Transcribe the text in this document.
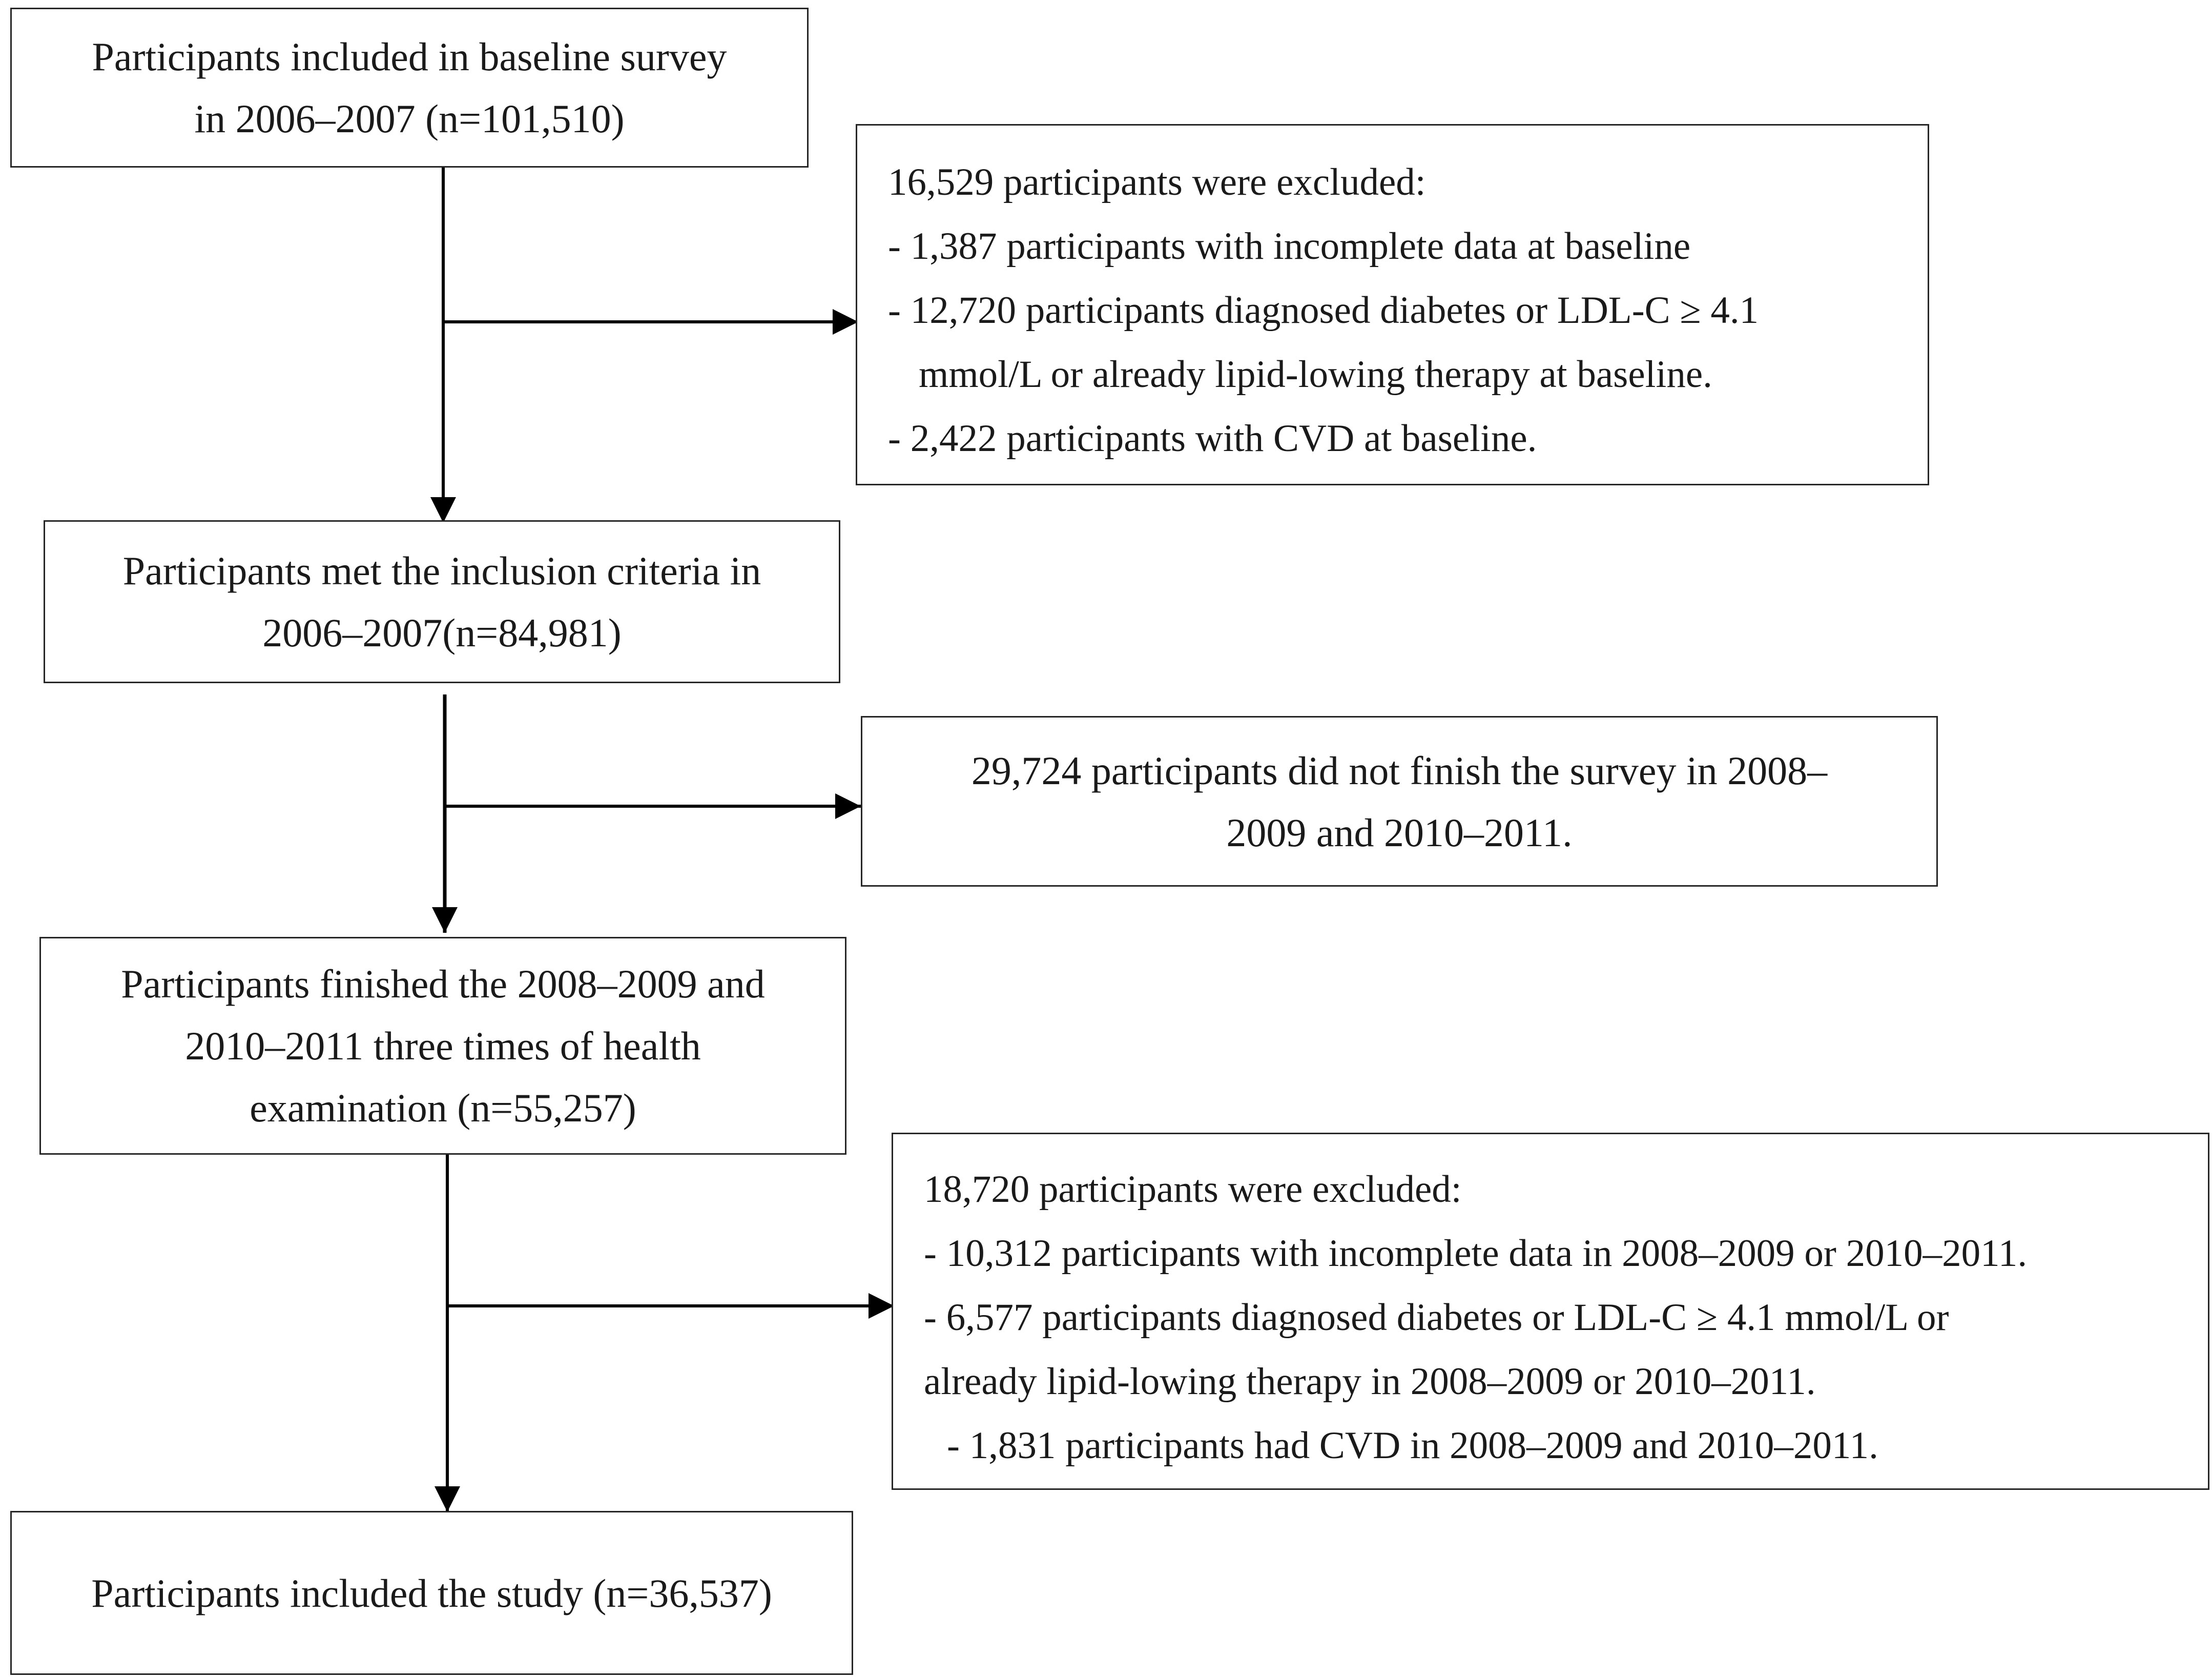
Participants included in baseline survey
in 2006–2007 (n=101,510)
16,529 participants were excluded:
- 1,387 participants with incomplete data at baseline
- 12,720 participants diagnosed diabetes or LDL-C ≥ 4.1
mmol/L or already lipid-lowing therapy at baseline.
- 2,422 participants with CVD at baseline.
Participants met the inclusion criteria in
2006–2007(n=84,981)
29,724 participants did not finish the survey in 2008–
2009 and 2010–2011.
Participants finished the 2008–2009 and
2010–2011 three times of health
examination (n=55,257)
18,720 participants were excluded:
- 10,312 participants with incomplete data in 2008–2009 or 2010–2011.
- 6,577 participants diagnosed diabetes or LDL-C ≥ 4.1 mmol/L or
already lipid-lowing therapy in 2008–2009 or 2010–2011.
- 1,831 participants had CVD in 2008–2009 and 2010–2011.
Participants included the study (n=36,537)
